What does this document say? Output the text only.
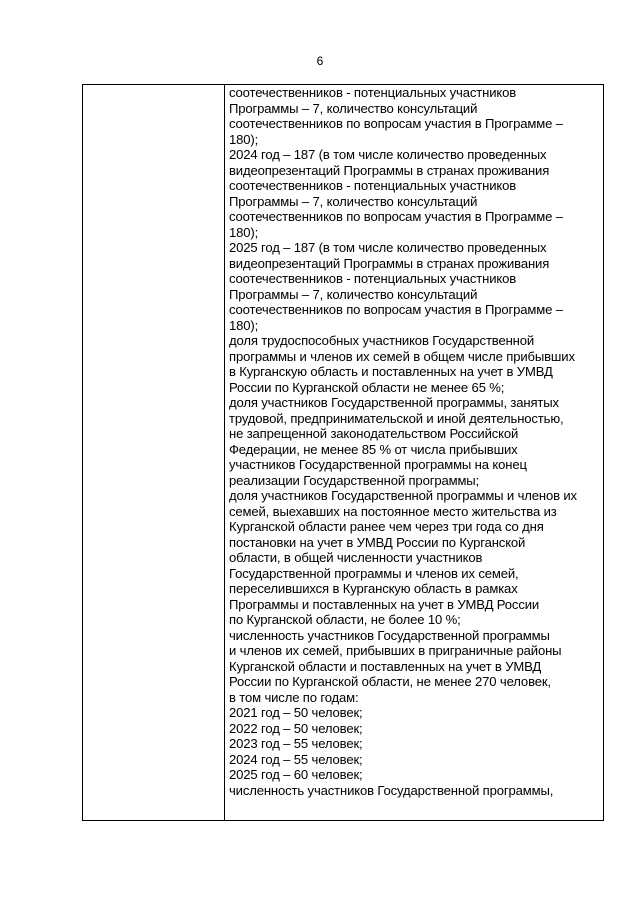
6
соотечественников - потенциальных участников
Программы – 7, количество консультаций
соотечественников по вопросам участия в Программе –
180);
2024 год – 187 (в том числе количество проведенных
видеопрезентаций Программы в странах проживания
соотечественников - потенциальных участников
Программы – 7, количество консультаций
соотечественников по вопросам участия в Программе –
180);
2025 год – 187 (в том числе количество проведенных
видеопрезентаций Программы в странах проживания
соотечественников - потенциальных участников
Программы – 7, количество консультаций
соотечественников по вопросам участия в Программе –
180);
доля трудоспособных участников Государственной
программы и членов их семей в общем числе прибывших
в Курганскую область и поставленных на учет в УМВД
России по Курганской области не менее 65 %;
доля участников Государственной программы, занятых
трудовой, предпринимательской и иной деятельностью,
не запрещенной законодательством Российской
Федерации, не менее 85 % от числа прибывших
участников Государственной программы на конец
реализации Государственной программы;
доля участников Государственной программы и членов их
семей, выехавших на постоянное место жительства из
Курганской области ранее чем через три года со дня
постановки на учет в УМВД России по Курганской
области, в общей численности участников
Государственной программы и членов их семей,
переселившихся в Курганскую область в рамках
Программы и поставленных на учет в УМВД России
по Курганской области, не более 10 %;
численность участников Государственной программы
и членов их семей, прибывших в приграничные районы
Курганской области и поставленных на учет в УМВД
России по Курганской области, не менее 270 человек,
в том числе по годам:
2021 год – 50 человек;
2022 год – 50 человек;
2023 год – 55 человек;
2024 год – 55 человек;
2025 год – 60 человек;
численность участников Государственной программы,
